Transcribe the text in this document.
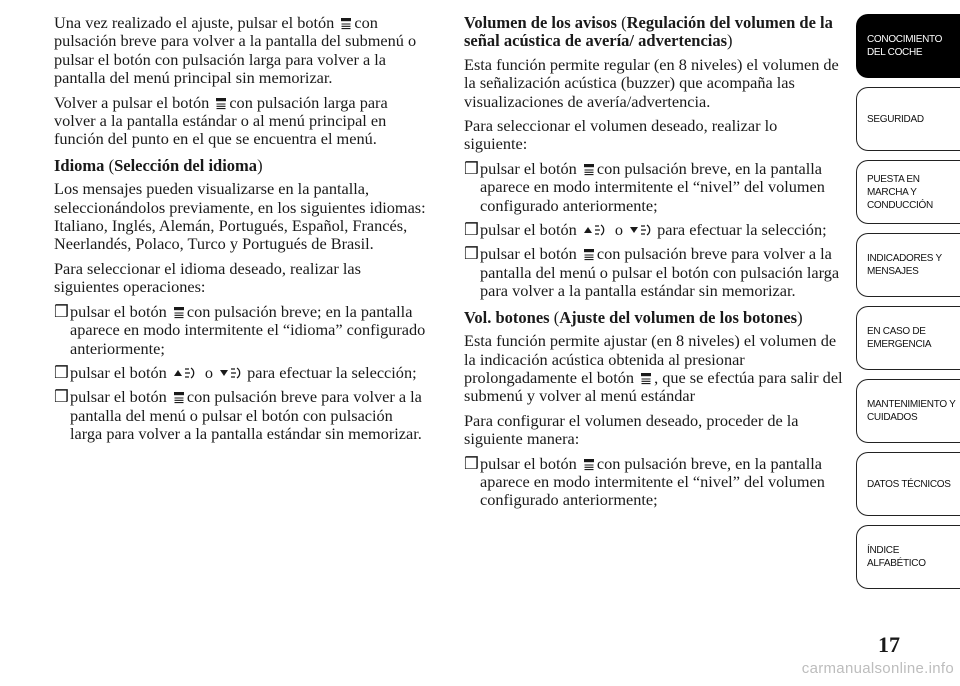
Una vez realizado el ajuste, pulsar el botón con pulsación breve para volver a la pantalla del submenú o pulsar el botón con pulsación larga para volver a la pantalla del menú principal sin memorizar.

Volver a pulsar el botón con pulsación larga para volver a la pantalla estándar o al menú principal en función del punto en el que se encuentra el menú.

Idioma (Selección del idioma)

Los mensajes pueden visualizarse en la pantalla, seleccionándolos previamente, en los siguientes idiomas: Italiano, Inglés, Alemán, Portugués, Español, Francés, Neerlandés, Polaco, Turco y Portugués de Brasil.

Para seleccionar el idioma deseado, realizar las siguientes operaciones:

❒ pulsar el botón con pulsación breve; en la pantalla aparece en modo intermitente el “idioma” configurado anteriormente;
❒ pulsar el botón  o para efectuar la selección;
❒ pulsar el botón con pulsación breve para volver a la pantalla del menú o pulsar el botón con pulsación larga para volver a la pantalla estándar sin memorizar.
Volumen de los avisos (Regulación del volumen de la señal acústica de avería/ advertencias)

Esta función permite regular (en 8 niveles) el volumen de la señalización acústica (buzzer) que acompaña las visualizaciones de avería/advertencia.

Para seleccionar el volumen deseado, realizar lo siguiente:

❒ pulsar el botón con pulsación breve, en la pantalla aparece en modo intermitente el “nivel” del volumen configurado anteriormente;
❒ pulsar el botón  o para efectuar la selección;
❒ pulsar el botón con pulsación breve para volver a la pantalla del menú o pulsar el botón con pulsación larga para volver a la pantalla estándar sin memorizar.
Vol. botones (Ajuste del volumen de los botones)

Esta función permite ajustar (en 8 niveles) el volumen de la indicación acústica obtenida al presionar prolongadamente el botón , que se efectúa para salir del submenú y volver al menú estándar

Para configurar el volumen deseado, proceder de la siguiente manera:

❒ pulsar el botón con pulsación breve, en la pantalla aparece en modo intermitente el “nivel” del volumen configurado anteriormente;
CONOCIMIENTO DEL COCHE
SEGURIDAD
PUESTA EN MARCHA Y CONDUCCIÓN
INDICADORES Y MENSAJES
EN CASO DE EMERGENCIA
MANTENIMIENTO Y CUIDADOS
DATOS TÉCNICOS
ÍNDICE ALFABÉTICO
17
carmanualsonline.info
